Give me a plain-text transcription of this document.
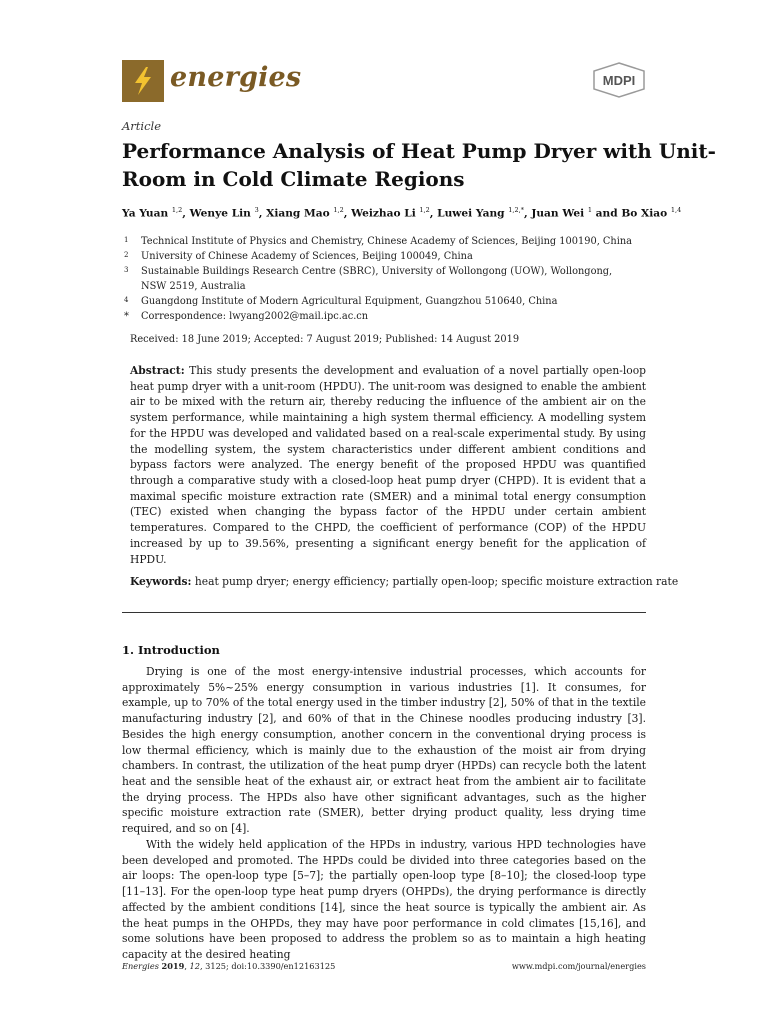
energies	MDPI
Article
Performance Analysis of Heat Pump Dryer with Unit-
Room in Cold Climate Regions
Ya Yuan $^{1,2}$, Wenye Lin $^3$, Xiang Mao $^{1,2}$, Weizhao Li $^{1,2}$, Luwei Yang $^{1,2,*}$, Juan Wei $^1$ and Bo Xiao $^{1,4}$
1 Technical Institute of Physics and Chemistry, Chinese Academy of Sciences, Beijing 100190, China
2 University of Chinese Academy of Sciences, Beijing 100049, China
3 Sustainable Buildings Research Centre (SBRC), University of Wollongong (UOW), Wollongong,
NSW 2519, Australia
4 Guangdong Institute of Modern Agricultural Equipment, Guangzhou 510640, China
* Correspondence: lwyang2002@mail.ipc.ac.cn
Received: 18 June 2019; Accepted: 7 August 2019; Published: 14 August 2019
Abstract: This study presents the development and evaluation of a novel partially open-loop heat pump dryer with a unit-room (HPDU). The unit-room was designed to enable the ambient air to be mixed with the return air, thereby reducing the influence of the ambient air on the system performance, while maintaining a high system thermal efficiency. A modelling system for the HPDU was developed and validated based on a real-scale experimental study. By using the modelling system, the system characteristics under different ambient conditions and bypass factors were analyzed. The energy benefit of the proposed HPDU was quantified through a comparative study with a closed-loop heat pump dryer (CHPD). It is evident that a maximal specific moisture extraction rate (SMER) and a minimal total energy consumption (TEC) existed when changing the bypass factor of the HPDU under certain ambient temperatures. Compared to the CHPD, the coefficient of performance (COP) of the HPDU increased by up to 39.56%, presenting a significant energy benefit for the application of HPDU.
Keywords: heat pump dryer; energy efficiency; partially open-loop; specific moisture extraction rate
1. Introduction

Drying is one of the most energy-intensive industrial processes, which accounts for approximately 5%~25% energy consumption in various industries [1]. It consumes, for example, up to 70% of the total energy used in the timber industry [2], 50% of that in the textile manufacturing industry [2], and 60% of that in the Chinese noodles producing industry [3]. Besides the high energy consumption, another concern in the conventional drying process is low thermal efficiency, which is mainly due to the exhaustion of the moist air from drying chambers. In contrast, the utilization of the heat pump dryer (HPDs) can recycle both the latent heat and the sensible heat of the exhaust air, or extract heat from the ambient air to facilitate the drying process. The HPDs also have other significant advantages, such as the higher specific moisture extraction rate (SMER), better drying product quality, less drying time required, and so on [4].

With the widely held application of the HPDs in industry, various HPD technologies have been developed and promoted. The HPDs could be divided into three categories based on the air loops: The open-loop type [5–7]; the partially open-loop type [8–10]; the closed-loop type [11–13]. For the open-loop type heat pump dryers (OHPDs), the drying performance is directly affected by the ambient conditions [14], since the heat source is typically the ambient air. As the heat pumps in the OHPDs, they may have poor performance in cold climates [15,16], and some solutions have been proposed to address the problem so as to maintain a high heating capacity at the desired heating

Energies 2019, 12, 3125; doi:10.3390/en12163125	www.mdpi.com/journal/energies
